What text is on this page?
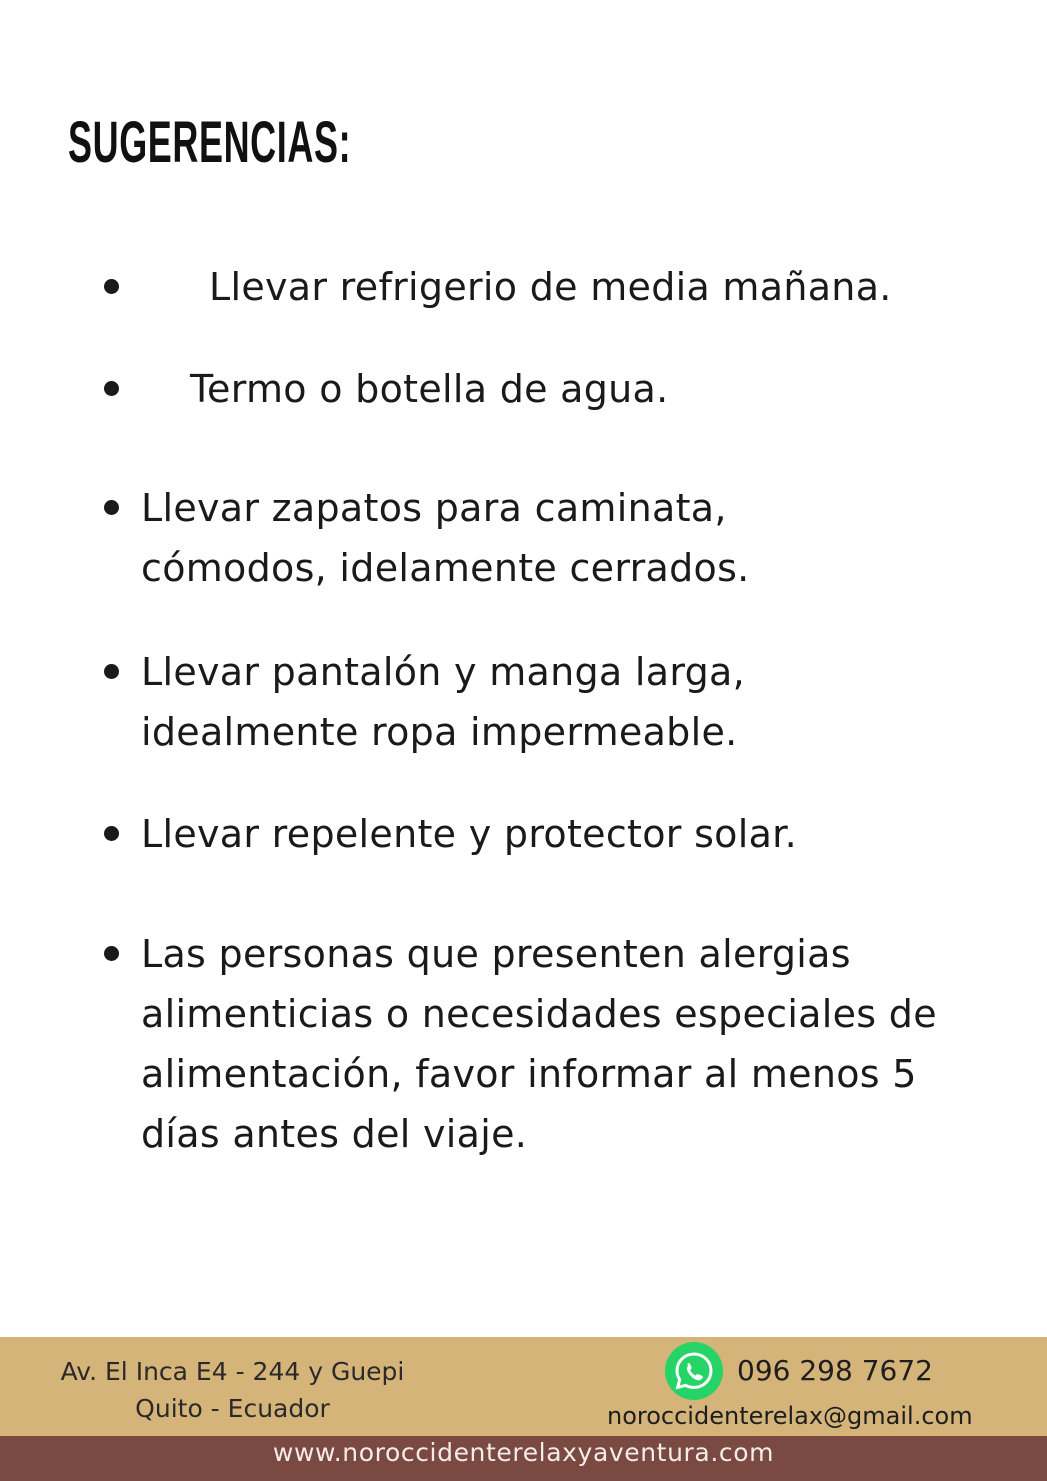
SUGERENCIAS:
Llevar refrigerio de media mañana.
Termo o botella de agua.
Llevar zapatos para caminata,
cómodos, idelamente cerrados.
Llevar pantalón y manga larga,
idealmente ropa impermeable.
Llevar repelente y protector solar.
Las personas que presenten alergias
alimenticias o necesidades especiales de
alimentación, favor informar al menos 5
días antes del viaje.
Av. El Inca E4 - 244 y Guepi
Quito - Ecuador
096 298 7672
noroccidenterelax@gmail.com
www.noroccidenterelaxyaventura.com
